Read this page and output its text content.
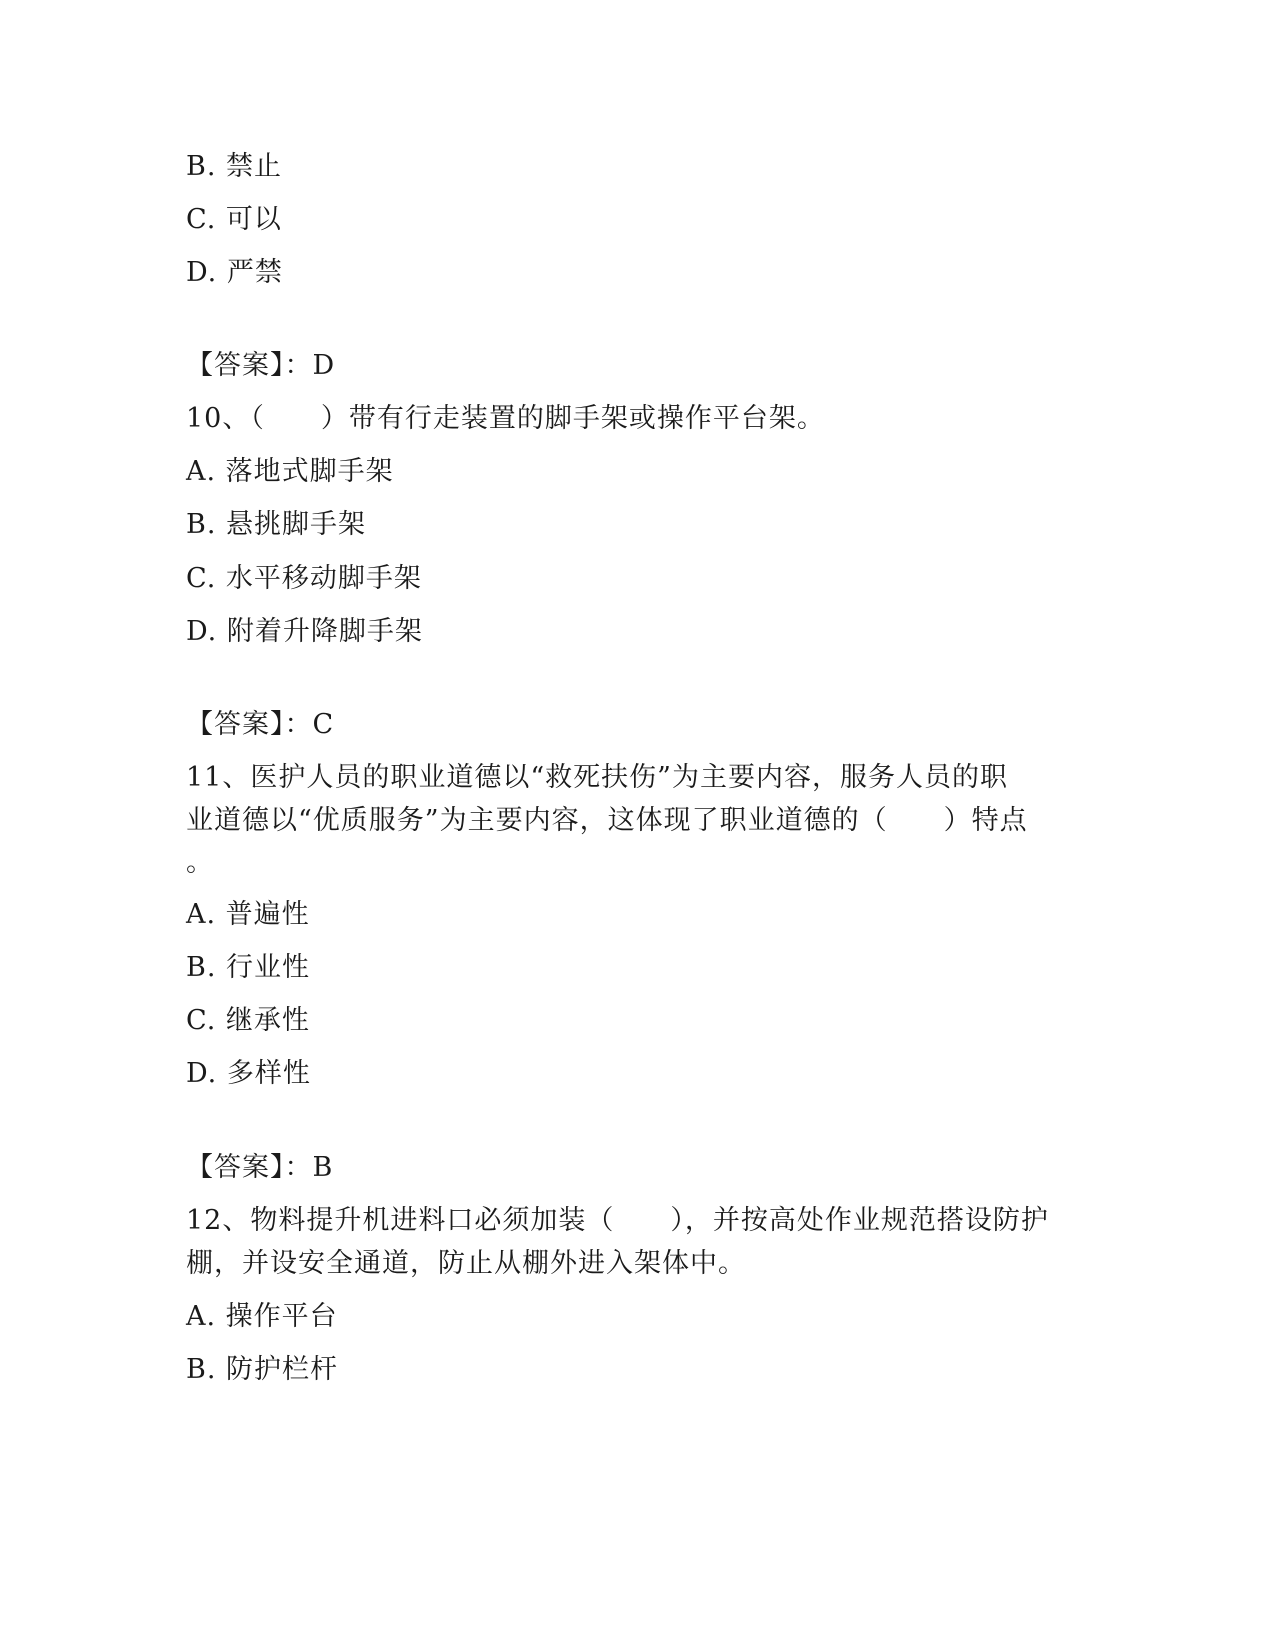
B. 禁止
C. 可以
D. 严禁
【答案】：D
10、（　　）带有行走装置的脚手架或操作平台架。
A. 落地式脚手架
B. 悬挑脚手架
C. 水平移动脚手架
D. 附着升降脚手架
【答案】：C
11、医护人员的职业道德以“救死扶伤”为主要内容，服务人员的职
业道德以“优质服务”为主要内容，这体现了职业道德的（　　）特点
。
A. 普遍性
B. 行业性
C. 继承性
D. 多样性
【答案】：B
12、物料提升机进料口必须加装（　　），并按高处作业规范搭设防护
棚，并设安全通道，防止从棚外进入架体中。
A. 操作平台
B. 防护栏杆
